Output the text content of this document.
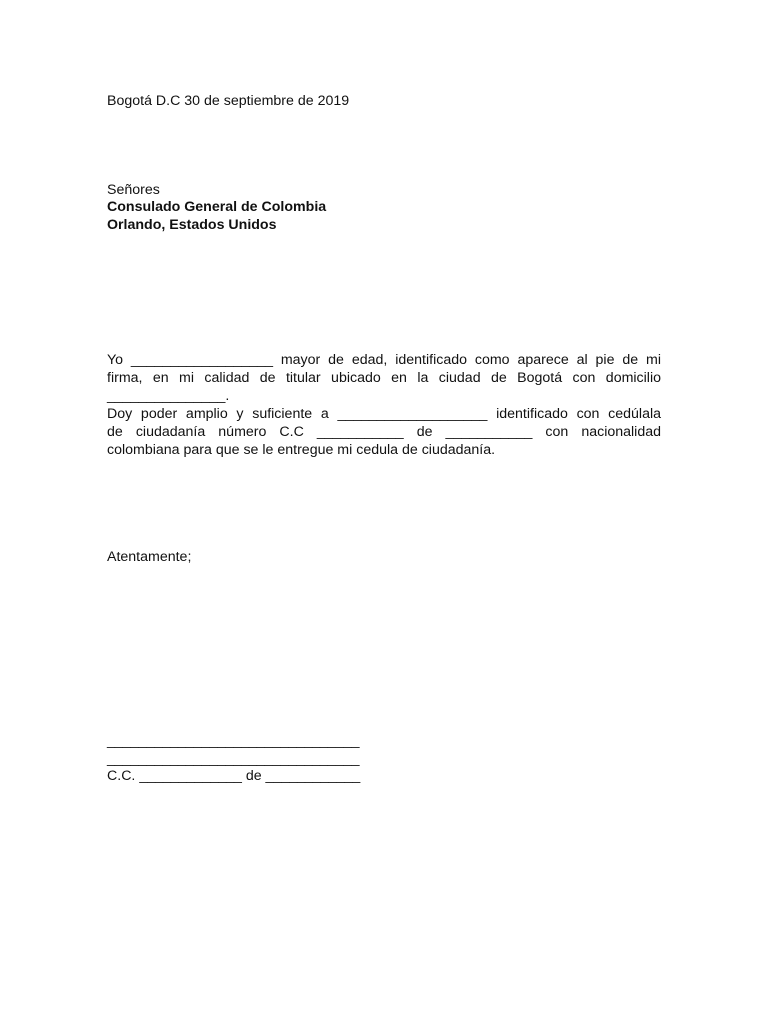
Bogotá D.C 30 de septiembre de 2019
Señores
Consulado General de Colombia
Orlando, Estados Unidos
Yo __________________ mayor de edad, identificado como aparece al pie de mi
firma, en mi calidad de titular ubicado en la ciudad de Bogotá con domicilio
_______________.
Doy poder amplio y suficiente a ___________________ identificado con cedúlala
de ciudadanía número C.C ___________ de ___________ con nacionalidad
colombiana para que se le entregue mi cedula de ciudadanía.
Atentamente;
________________________________
________________________________
C.C. _____________ de ____________
